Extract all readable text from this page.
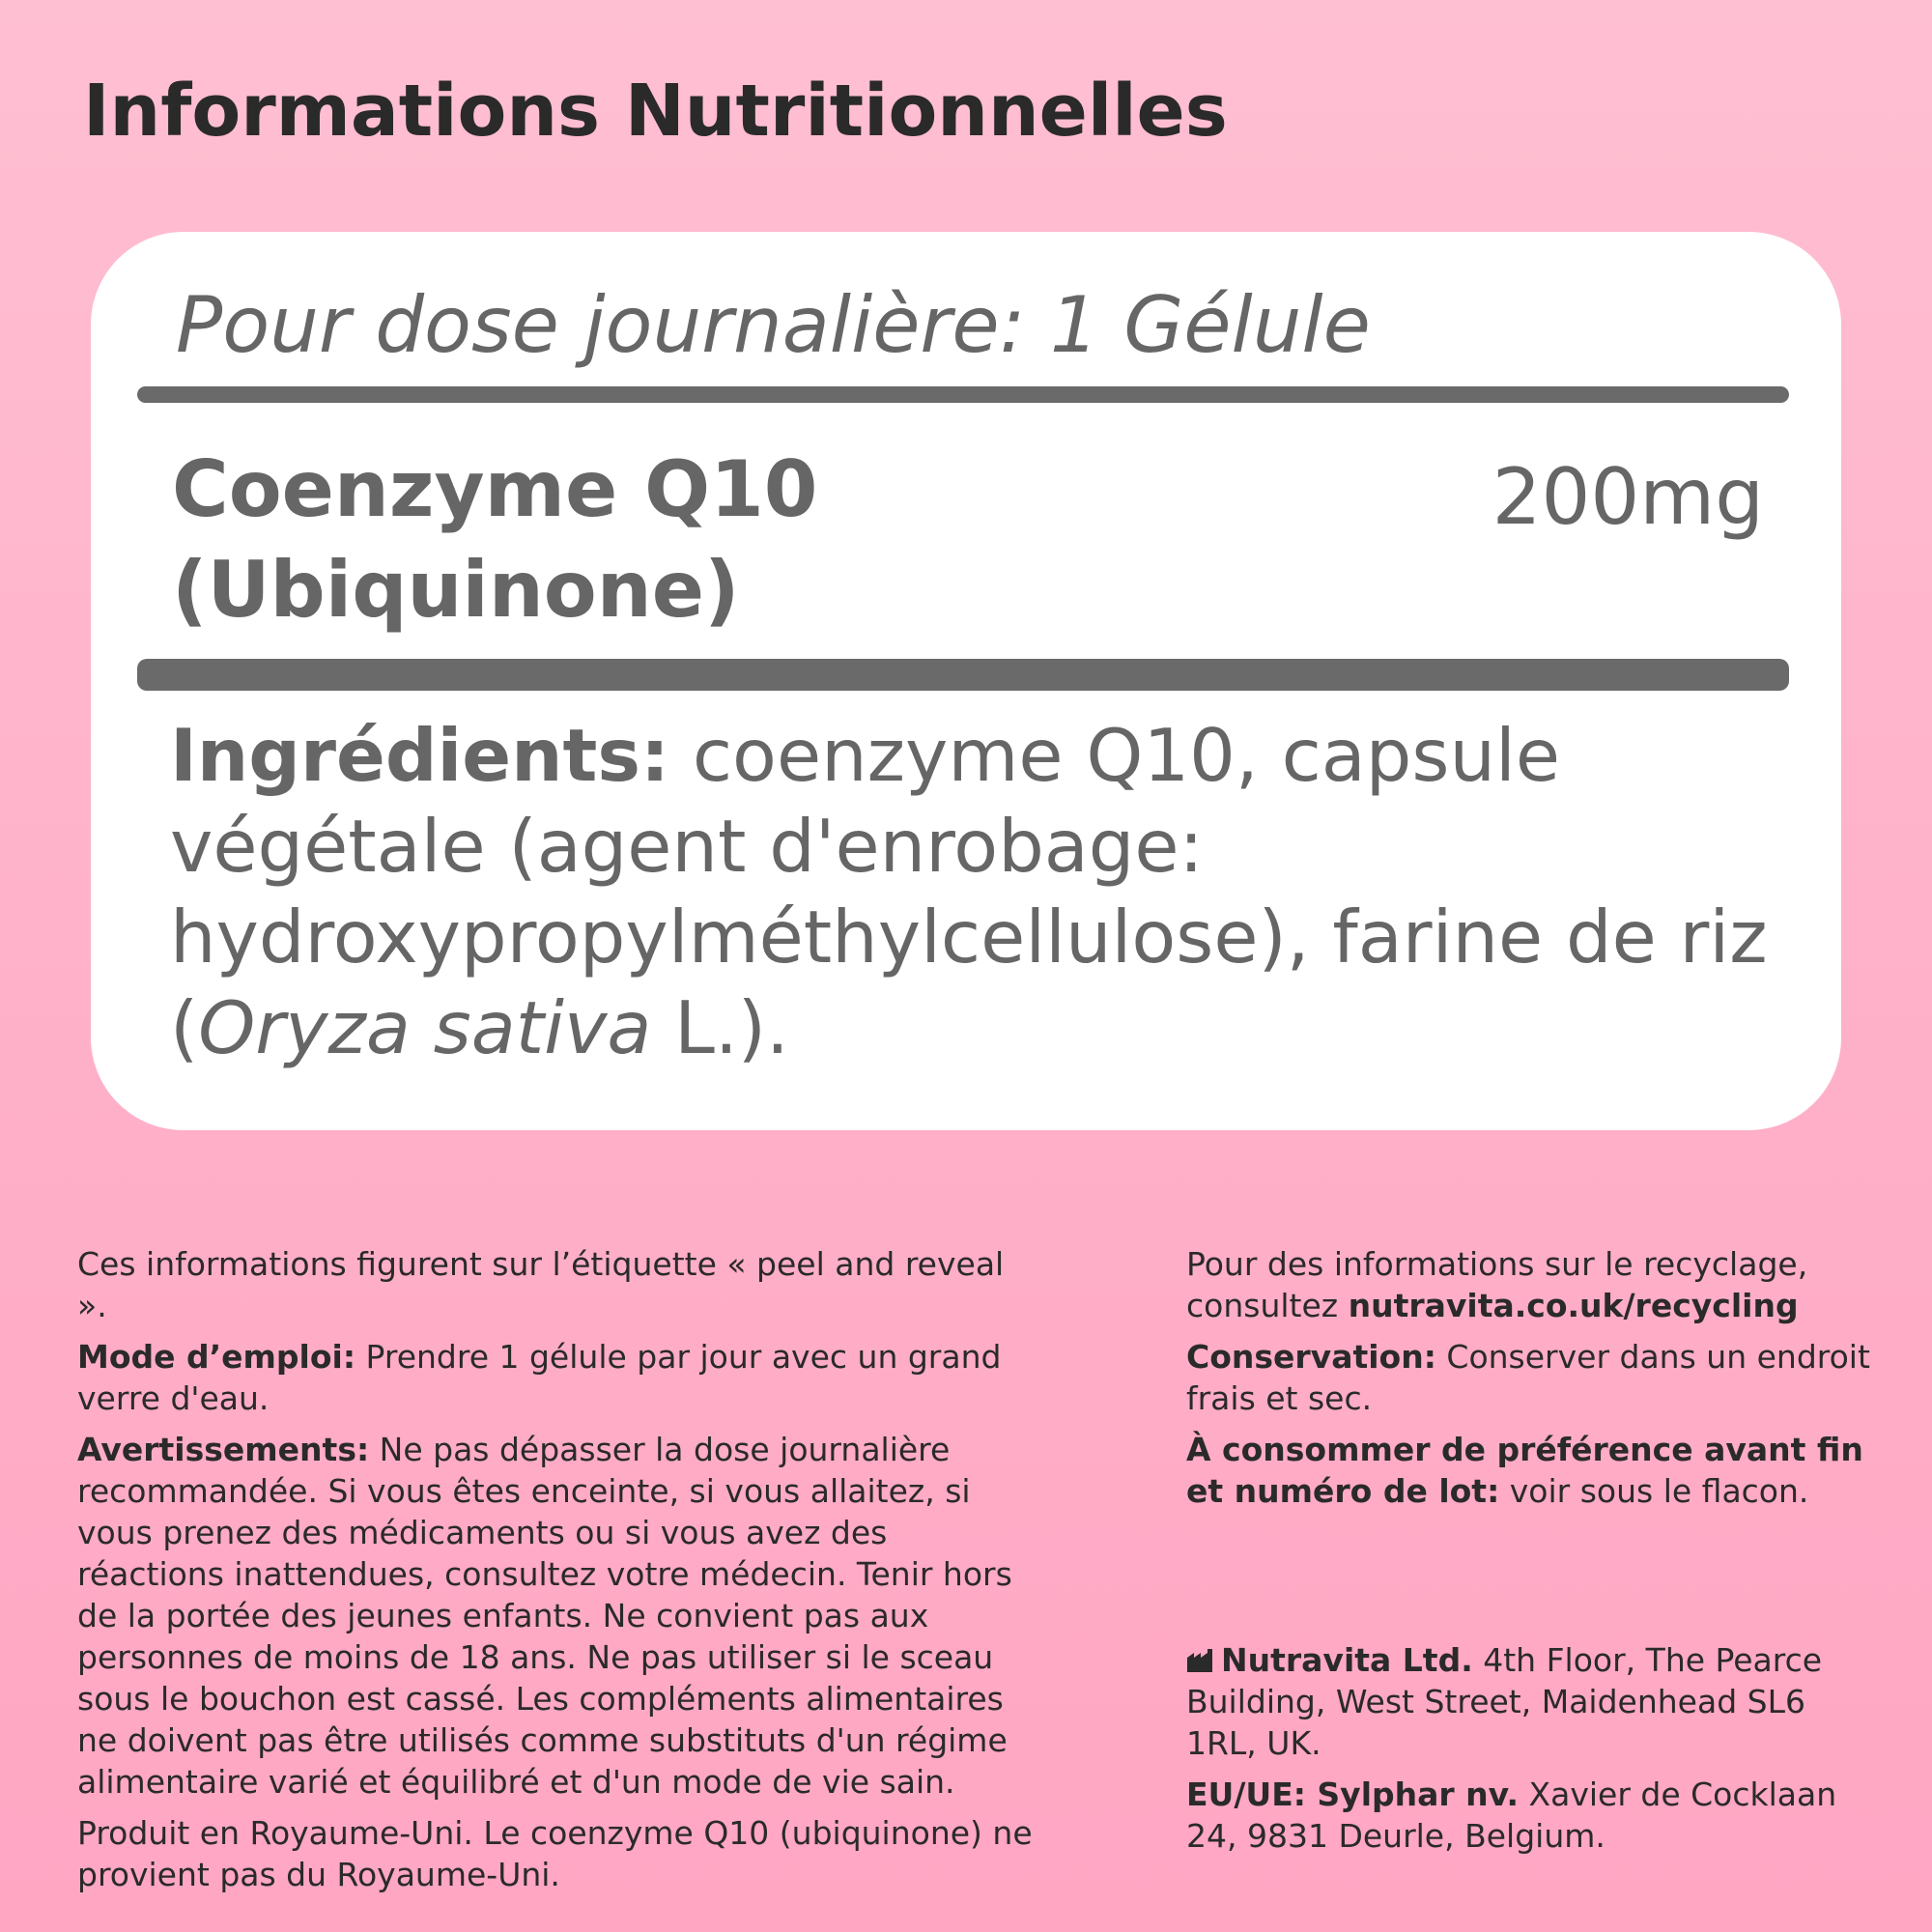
Informations Nutritionnelles
Pour dose journalière: 1 Gélule
Coenzyme Q10
(Ubiquinone)
200mg
Ingrédients: coenzyme Q10, capsule végétale (agent d'enrobage: hydroxypropylméthylcellulose), farine de riz (Oryza sativa L.).

Ces informations figurent sur l’étiquette « peel and reveal ».

Mode d’emploi: Prendre 1 gélule par jour avec un grand verre d'eau.

Avertissements: Ne pas dépasser la dose journalière recommandée. Si vous êtes enceinte, si vous allaitez, si vous prenez des médicaments ou si vous avez des réactions inattendues, consultez votre médecin. Tenir hors de la portée des jeunes enfants. Ne convient pas aux personnes de moins de 18 ans. Ne pas utiliser si le sceau sous le bouchon est cassé. Les compléments alimentaires ne doivent pas être utilisés comme substituts d'un régime alimentaire varié et équilibré et d'un mode de vie sain.

Produit en Royaume-Uni. Le coenzyme Q10 (ubiquinone) ne provient pas du Royaume-Uni.

Pour des informations sur le recyclage, consultez nutravita.co.uk/recycling

Conservation: Conserver dans un endroit frais et sec.

À consommer de préférence avant fin et numéro de lot: voir sous le flacon.

Nutravita Ltd. 4th Floor, The Pearce Building, West Street, Maidenhead SL6 1RL, UK.

EU/UE: Sylphar nv. Xavier de Cocklaan 24, 9831 Deurle, Belgium.
